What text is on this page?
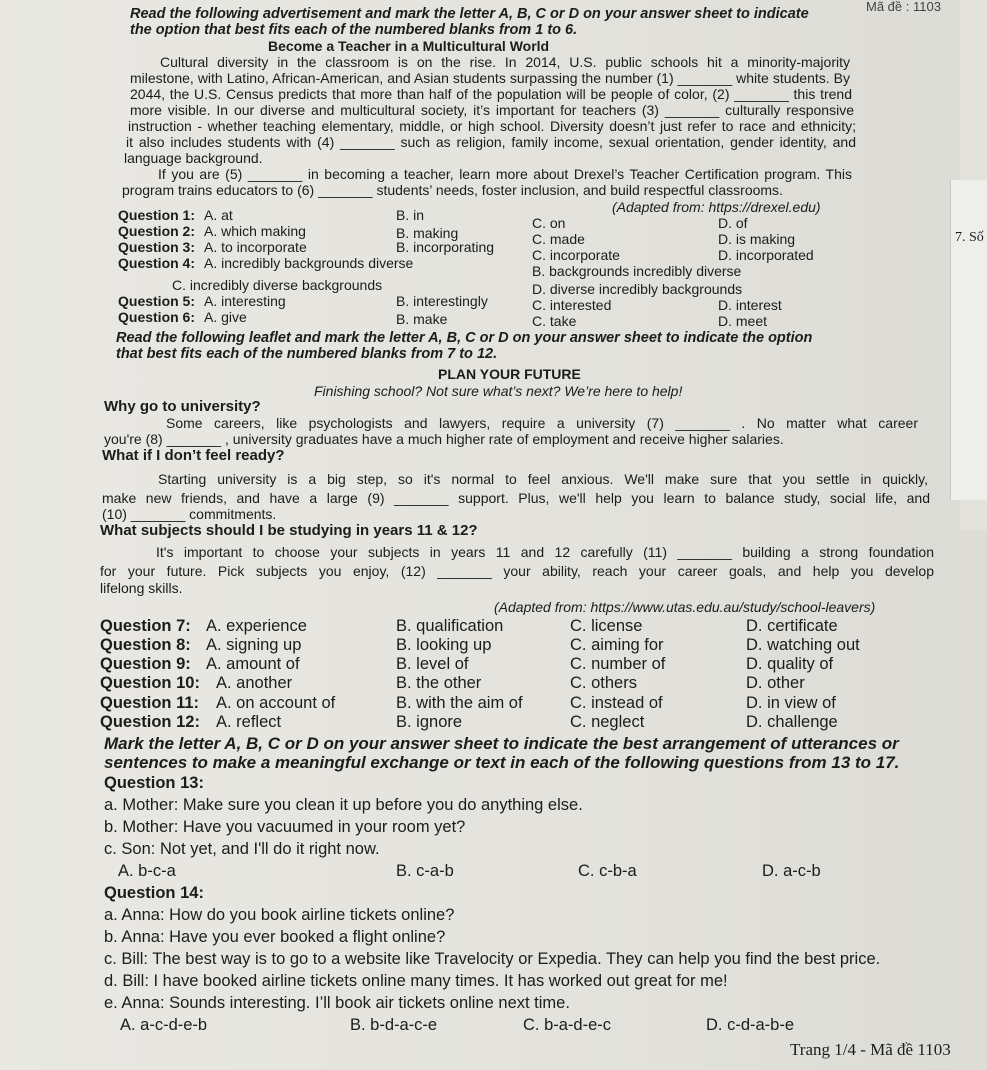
Mã đề : 1103
7. Số
Read the following advertisement and mark the letter A, B, C or D on your answer sheet to indicate
the option that best fits each of the numbered blanks from 1 to 6.
Become a Teacher in a Multicultural World
Cultural diversity in the classroom is on the rise. In 2014, U.S. public schools hit a minority-majority
milestone, with Latino, African-American, and Asian students surpassing the number (1) _______ white students. By
2044, the U.S. Census predicts that more than half of the population will be people of color, (2) _______ this trend
more visible. In our diverse and multicultural society, it’s important for teachers (3) _______ culturally responsive
instruction - whether teaching elementary, middle, or high school. Diversity doesn’t just refer to race and ethnicity;
it also includes students with (4) _______ such as religion, family income, sexual orientation, gender identity, and
language background.
If you are (5) _______ in becoming a teacher, learn more about Drexel’s Teacher Certification program. This
program trains educators to (6) _______ students’ needs, foster inclusion, and build respectful classrooms.
(Adapted from: https://drexel.edu)
Question 1: A. at	B. in	C. on	D. of
Question 2: A. which making	B. making	C. made	D. is making
Question 3: A. to incorporate	B. incorporating	C. incorporate	D. incorporated
Question 4: A. incredibly backgrounds diverse	B. backgrounds incredibly diverse
C. incredibly diverse backgrounds	D. diverse incredibly backgrounds
Question 5: A. interesting	B. interestingly	C. interested	D. interest
Question 6: A. give	B. make	C. take	D. meet
Read the following leaflet and mark the letter A, B, C or D on your answer sheet to indicate the option
that best fits each of the numbered blanks from 7 to 12.
PLAN YOUR FUTURE
Finishing school? Not sure what’s next? We’re here to help!
Why go to university?
Some careers, like psychologists and lawyers, require a university (7) _______ . No matter what career
you're (8) _______ , university graduates have a much higher rate of employment and receive higher salaries.
What if I don’t feel ready?
Starting university is a big step, so it's normal to feel anxious. We'll make sure that you settle in quickly,
make new friends, and have a large (9) _______ support. Plus, we'll help you learn to balance study, social life, and
(10) _______ commitments.
What subjects should I be studying in years 11 & 12?
It's important to choose your subjects in years 11 and 12 carefully (11) _______ building a strong foundation
for your future. Pick subjects you enjoy, (12) _______ your ability, reach your career goals, and help you develop
lifelong skills.
(Adapted from: https://www.utas.edu.au/study/school-leavers)
Question 7: A. experience	B. qualification	C. license	D. certificate
Question 8: A. signing up	B. looking up	C. aiming for	D. watching out
Question 9: A. amount of	B. level of	C. number of	D. quality of
Question 10: A. another	B. the other	C. others	D. other
Question 11: A. on account of	B. with the aim of	C. instead of	D. in view of
Question 12: A. reflect	B. ignore	C. neglect	D. challenge
Mark the letter A, B, C or D on your answer sheet to indicate the best arrangement of utterances or
sentences to make a meaningful exchange or text in each of the following questions from 13 to 17.
Question 13:
a. Mother: Make sure you clean it up before you do anything else.
b. Mother: Have you vacuumed in your room yet?
c. Son: Not yet, and I'll do it right now.
A. b-c-a	B. c-a-b	C. c-b-a	D. a-c-b
Question 14:
a. Anna: How do you book airline tickets online?
b. Anna: Have you ever booked a flight online?
c. Bill: The best way is to go to a website like Travelocity or Expedia. They can help you find the best price.
d. Bill: I have booked airline tickets online many times. It has worked out great for me!
e. Anna: Sounds interesting. I’ll book air tickets online next time.
A. a-c-d-e-b	B. b-d-a-c-e	C. b-a-d-e-c	D. c-d-a-b-e
Trang 1/4 - Mã đề 1103
